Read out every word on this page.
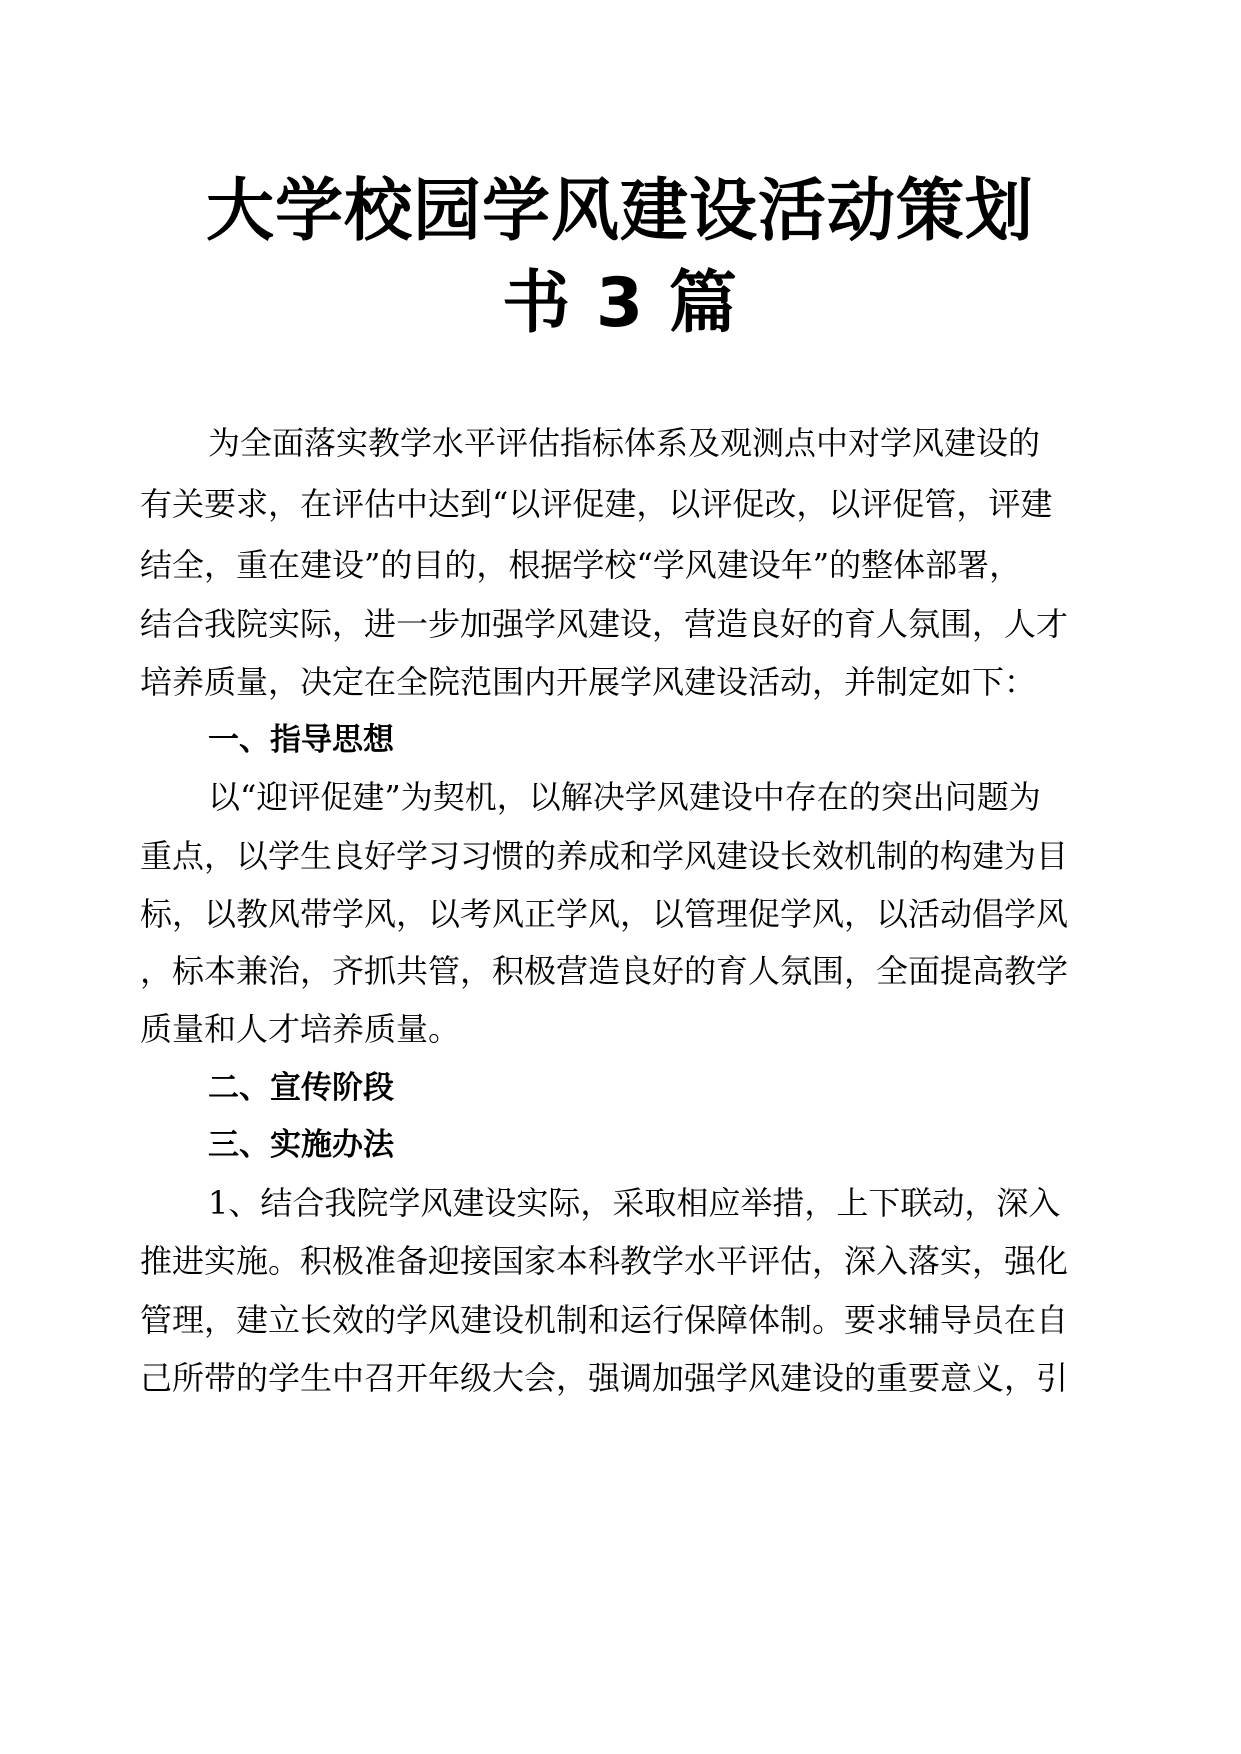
大学校园学风建设活动策划
书 3 篇
为全面落实教学水平评估指标体系及观测点中对学风建设的
有关要求，在评估中达到“以评促建，以评促改，以评促管，评建
结全，重在建设”的目的，根据学校“学风建设年”的整体部署，
结合我院实际，进一步加强学风建设，营造良好的育人氛围，人才
培养质量，决定在全院范围内开展学风建设活动，并制定如下：
一、指导思想
以“迎评促建”为契机，以解决学风建设中存在的突出问题为
重点，以学生良好学习习惯的养成和学风建设长效机制的构建为目
标，以教风带学风，以考风正学风，以管理促学风，以活动倡学风
，标本兼治，齐抓共管，积极营造良好的育人氛围，全面提高教学
质量和人才培养质量。
二、宣传阶段
三、实施办法
1、结合我院学风建设实际，采取相应举措，上下联动，深入
推进实施。积极准备迎接国家本科教学水平评估，深入落实，强化
管理，建立长效的学风建设机制和运行保障体制。要求辅导员在自
己所带的学生中召开年级大会，强调加强学风建设的重要意义，引
